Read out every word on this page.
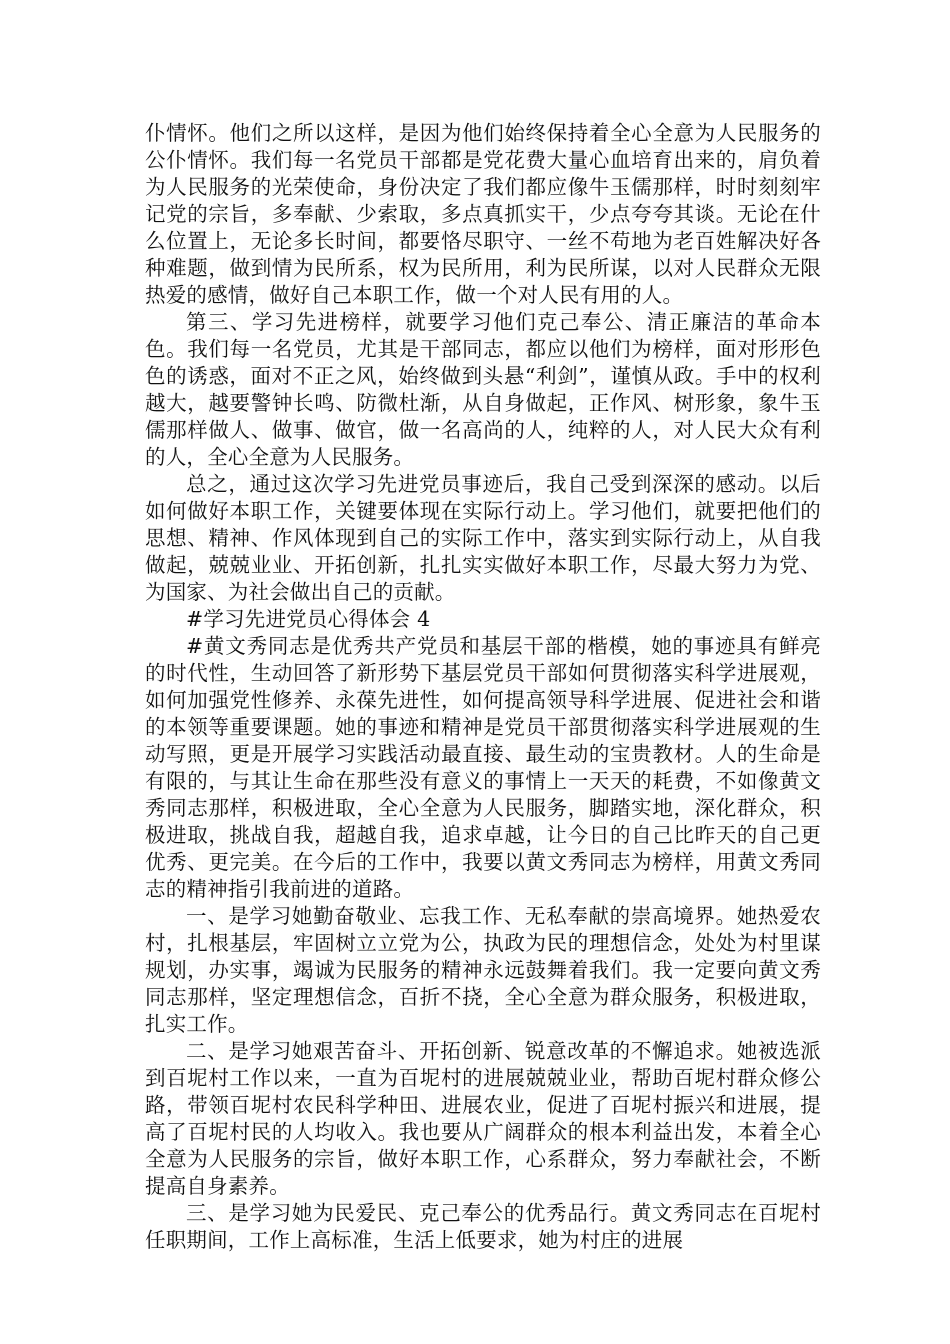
仆情怀。他们之所以这样，是因为他们始终保持着全心全意为人民服务的公仆情怀。我们每一名党员干部都是党花费大量心血培育出来的，肩负着为人民服务的光荣使命，身份决定了我们都应像牛玉儒那样，时时刻刻牢记党的宗旨，多奉献、少索取，多点真抓实干，少点夸夸其谈。无论在什么位置上，无论多长时间，都要恪尽职守、一丝不苟地为老百姓解决好各种难题，做到情为民所系，权为民所用，利为民所谋，以对人民群众无限热爱的感情，做好自己本职工作，做一个对人民有用的人。

第三、学习先进榜样，就要学习他们克己奉公、清正廉洁的革命本色。我们每一名党员，尤其是干部同志，都应以他们为榜样，面对形形色色的诱惑，面对不正之风，始终做到头悬“利剑”，谨慎从政。手中的权利越大，越要警钟长鸣、防微杜渐，从自身做起，正作风、树形象，象牛玉儒那样做人、做事、做官，做一名高尚的人，纯粹的人，对人民大众有利的人，全心全意为人民服务。

总之，通过这次学习先进党员事迹后，我自己受到深深的感动。以后如何做好本职工作，关键要体现在实际行动上。学习他们，就要把他们的思想、精神、作风体现到自己的实际工作中，落实到实际行动上，从自我做起，兢兢业业、开拓创新，扎扎实实做好本职工作，尽最大努力为党、为国家、为社会做出自己的贡献。

#学习先进党员心得体会 4

#黄文秀同志是优秀共产党员和基层干部的楷模，她的事迹具有鲜亮的时代性，生动回答了新形势下基层党员干部如何贯彻落实科学进展观，如何加强党性修养、永葆先进性，如何提高领导科学进展、促进社会和谐的本领等重要课题。她的事迹和精神是党员干部贯彻落实科学进展观的生动写照，更是开展学习实践活动最直接、最生动的宝贵教材。人的生命是有限的，与其让生命在那些没有意义的事情上一天天的耗费，不如像黄文秀同志那样，积极进取，全心全意为人民服务，脚踏实地，深化群众，积极进取，挑战自我，超越自我，追求卓越，让今日的自己比昨天的自己更优秀、更完美。在今后的工作中，我要以黄文秀同志为榜样，用黄文秀同志的精神指引我前进的道路。

一、是学习她勤奋敬业、忘我工作、无私奉献的崇高境界。她热爱农村，扎根基层，牢固树立立党为公，执政为民的理想信念，处处为村里谋规划，办实事，竭诚为民服务的精神永远鼓舞着我们。我一定要向黄文秀同志那样，坚定理想信念，百折不挠，全心全意为群众服务，积极进取，扎实工作。

二、是学习她艰苦奋斗、开拓创新、锐意改革的不懈追求。她被选派到百坭村工作以来，一直为百坭村的进展兢兢业业，帮助百坭村群众修公路，带领百坭村农民科学种田、进展农业，促进了百坭村振兴和进展，提高了百坭村民的人均收入。我也要从广阔群众的根本利益出发，本着全心全意为人民服务的宗旨，做好本职工作，心系群众，努力奉献社会，不断提高自身素养。

三、是学习她为民爱民、克己奉公的优秀品行。黄文秀同志在百坭村任职期间，工作上高标准，生活上低要求，她为村庄的进展
